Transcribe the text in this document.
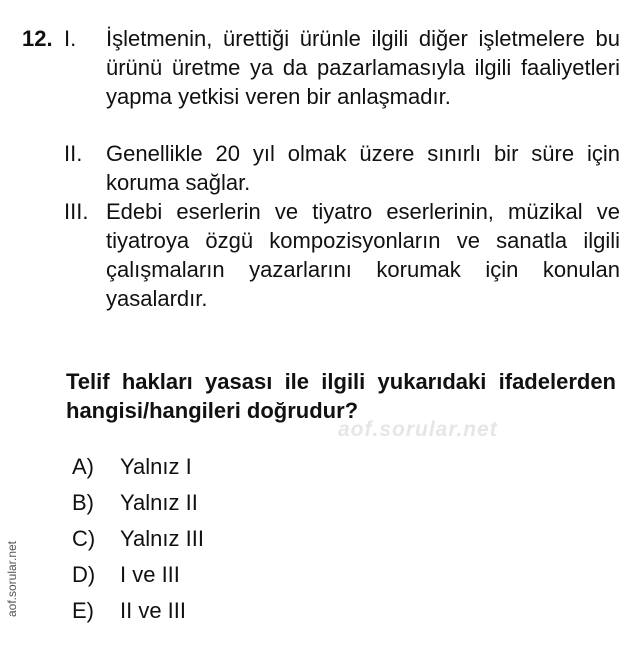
12. I.	İşletmenin, ürettiği ürünle ilgili diğer işletmelere bu ürünü üretme ya da pazarlamasıyla ilgili faaliyetleri yapma yetkisi veren bir anlaşmadır.
II.	Genellikle 20 yıl olmak üzere sınırlı bir süre için koruma sağlar.
III. Edebi eserlerin ve tiyatro eserlerinin, müzikal ve tiyatroya özgü kompozisyonların ve sanatla ilgili çalışmaların yazarlarını korumak için konulan yasalardır.
Telif hakları yasası ile ilgili yukarıdaki ifadelerden hangisi/hangileri doğrudur?
aof.sorular.net
A)	Yalnız I
B)	Yalnız II
C)	Yalnız III
D)	I ve III
E)	II ve III
aof.sorular.net
